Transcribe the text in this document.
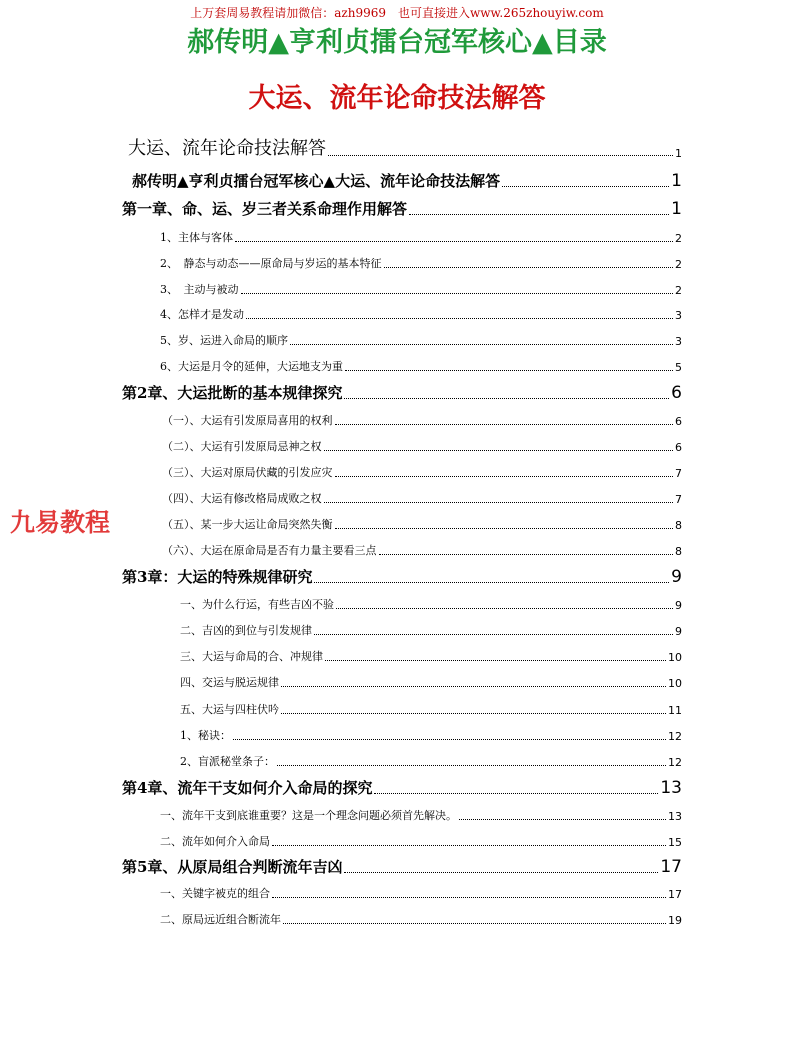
上万套周易教程请加微信：azh9969　也可直接进入www.265zhouyiw.com
郝传明▲亨利贞擂台冠军核心▲目录
大运、流年论命技法解答
大运、流年论命技法解答	1
郝传明▲亨利贞擂台冠军核心▲大运、流年论命技法解答	1
第一章、命、运、岁三者关系命理作用解答	1
1、主体与客体	2
2、　静态与动态——原命局与岁运的基本特征	2
3、　主动与被动	2
4、怎样才是发动	3
5、岁、运进入命局的顺序	3
6、大运是月令的延伸，大运地支为重	5
第2章、大运批断的基本规律探究	6
（一）、大运有引发原局喜用的权利	6
（二）、大运有引发原局忌神之权	6
（三）、大运对原局伏藏的引发应灾	7
（四）、大运有修改格局成败之权	7
（五）、某一步大运让命局突然失衡	8
（六）、大运在原命局是否有力量主要看三点	8
第3章：大运的特殊规律研究	9
一、为什么行运，有些吉凶不验	9
二、吉凶的到位与引发规律	9
三、大运与命局的合、冲规律	10
四、交运与脱运规律	10
五、大运与四柱伏吟	11
1、秘诀：	12
2、盲派秘堂条子：	12
第4章、流年干支如何介入命局的探究	13
一、流年干支到底谁重要？这是一个理念问题必须首先解决。	13
二、流年如何介入命局	15
第5章、从原局组合判断流年吉凶	17
一、关键字被克的组合	17
二、原局远近组合断流年	19
九易教程
